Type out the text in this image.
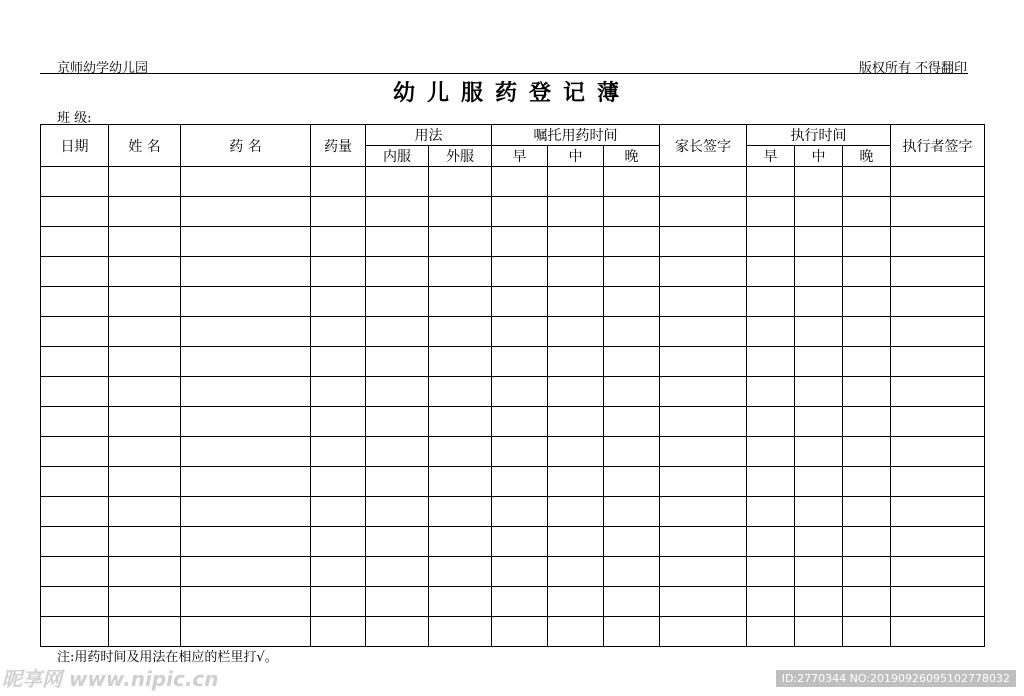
京师幼学幼儿园	版权所有 不得翻印
幼儿服药登记薄
班 级:
日期	姓 名	药 名	药量	用法		嘱托用药时间			家长签字	执行时间			执行者签字
				内服	外服	早	中	晚		早	中	晚	

注:用药时间及用法在相应的栏里打√。
昵享网 www.nipic.cn	ID:2770344 NO:20190926095102778032
